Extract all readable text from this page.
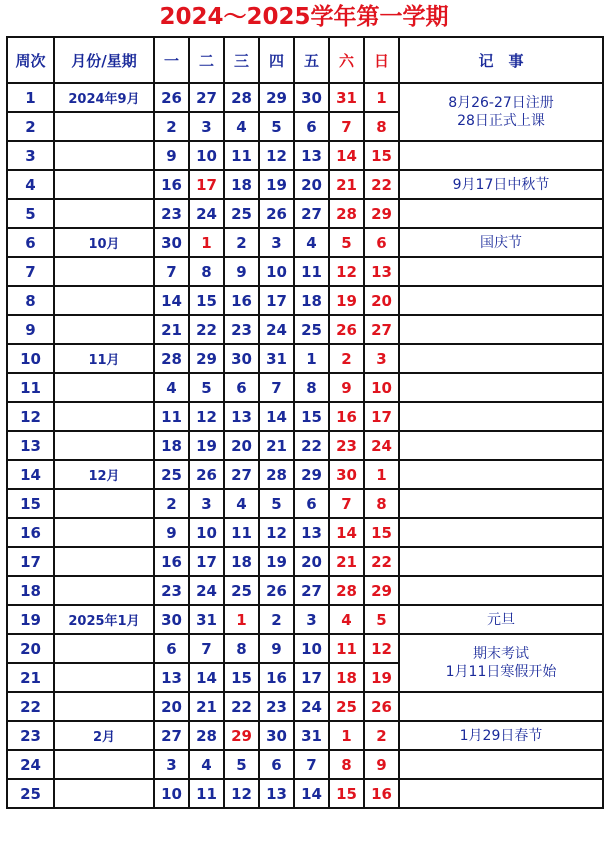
2024～2025学年第一学期
周次	月份/星期	一	二	三	四	五	六	日	记　事
1	2024年9月	26	27	28	29	30	31	1	8月26-27日注册
28日正式上课

2		2	3	4	5	6	7	8	
3		9	10	11	12	13	14	15	
4		16	17	18	19	20	21	22	9月17日中秋节

5		23	24	25	26	27	28	29	
6	10月	30	1	2	3	4	5	6	国庆节

7		7	8	9	10	11	12	13	
8		14	15	16	17	18	19	20	
9		21	22	23	24	25	26	27	
10	11月	28	29	30	31	1	2	3	
11		4	5	6	7	8	9	10	
12		11	12	13	14	15	16	17	
13		18	19	20	21	22	23	24	
14	12月	25	26	27	28	29	30	1	
15		2	3	4	5	6	7	8	
16		9	10	11	12	13	14	15	
17		16	17	18	19	20	21	22	
18		23	24	25	26	27	28	29	
19	2025年1月	30	31	1	2	3	4	5	元旦

20		6	7	8	9	10	11	12	期末考试
1月11日寒假开始

21		13	14	15	16	17	18	19	
22		20	21	22	23	24	25	26	
23	2月	27	28	29	30	31	1	2	1月29日春节

24		3	4	5	6	7	8	9	
25		10	11	12	13	14	15	16	
